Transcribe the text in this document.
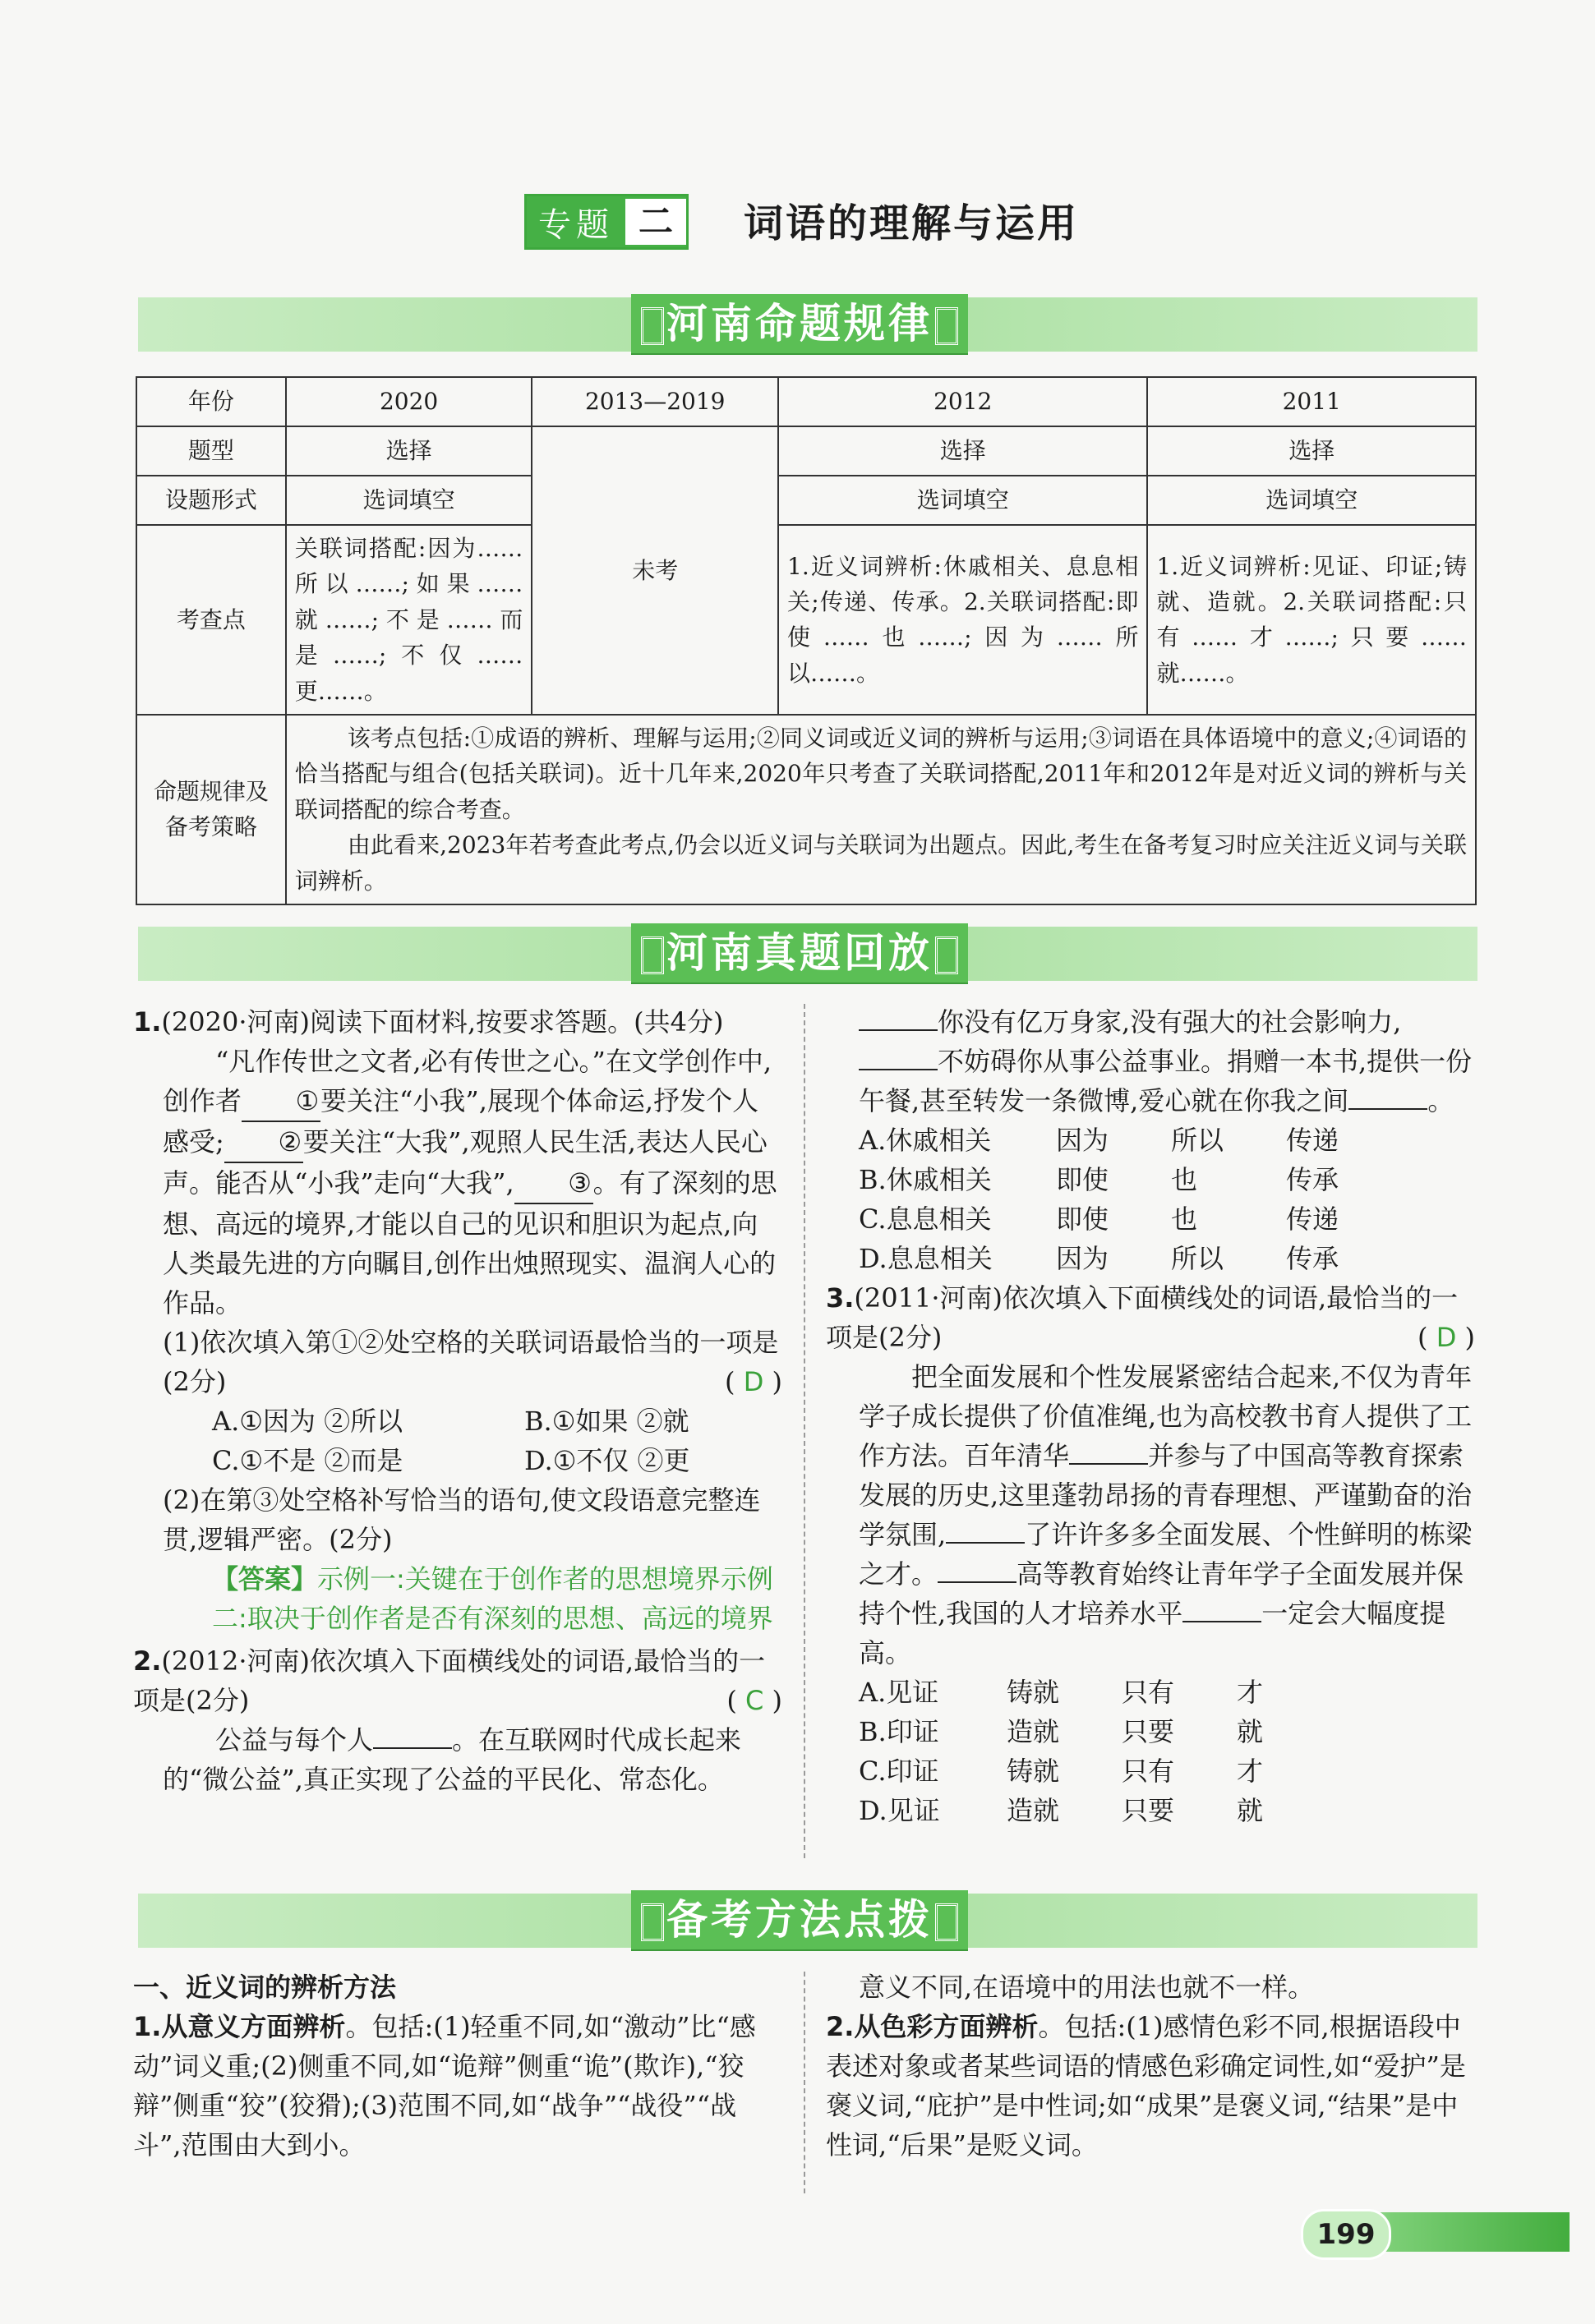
专题 二	词语的理解与运用
河南命题规律
年份	2020	2013—2019	2012	2011
题型	选择	未考	选择	选择
设题形式	选词填空		选词填空	选词填空
考查点	关联词搭配:因为……所以……;如果……就……;不是……而是……;不仅……更……。		1.近义词辨析:休戚相关、息息相关;传递、传承。2.关联词搭配:即使……也……;因为……所以……。	1.近义词辨析:见证、印证;铸就、造就。2.关联词搭配:只有……才……;只要……就……。
命题规律及备考策略	该考点包括:①成语的辨析、理解与运用;②同义词或近义词的辨析与运用;③词语在具体语境中的意义;④词语的恰当搭配与组合(包括关联词)。近十几年来,2020年只考查了关联词搭配,2011年和2012年是对近义词的辨析与关联词搭配的综合考查。
由此看来,2023年若考查此考点,仍会以近义词与关联词为出题点。因此,考生在备考复习时应关注近义词与关联词辨析。			
河南真题回放

1.(2020·河南)阅读下面材料,按要求答题。(共4分)

“凡作传世之文者,必有传世之心。”在文学创作中,创作者 ①要关注“小我”,展现个体命运,抒发个人感受; ②要关注“大我”,观照人民生活,表达人民心声。能否从“小我”走向“大我”, ③。有了深刻的思想、高远的境界,才能以自己的见识和胆识为起点,向人类最先进的方向瞩目,创作出烛照现实、温润人心的作品。

(1)依次填入第①②处空格的关联词语最恰当的一项是(2分)	( D )

A.①因为 ②所以	B.①如果 ②就
C.①不是 ②而是	D.①不仅 ②更

(2)在第③处空格补写恰当的语句,使文段语意完整连贯,逻辑严密。(2分)

【答案】示例一:关键在于创作者的思想境界示例二:取决于创作者是否有深刻的思想、高远的境界

2.(2012·河南)依次填入下面横线处的词语,最恰当的一项是(2分)	( C )

公益与每个人	。在互联网时代成长起来的“微公益”,真正实现了公益的平民化、常态化。

你没有亿万身家,没有强大的社会影响力,不妨碍你从事公益事业。捐赠一本书,提供一份午餐,甚至转发一条微博,爱心就在你我之间	。

A.休戚相关	因为	所以	传递
B.休戚相关	即使	也	传承
C.息息相关	即使	也	传递
D.息息相关	因为	所以	传承

3.(2011·河南)依次填入下面横线处的词语,最恰当的一项是(2分)	( D )

把全面发展和个性发展紧密结合起来,不仅为青年学子成长提供了价值准绳,也为高校教书育人提供了工作方法。百年清华	并参与了中国高等教育探索发展的历史,这里蓬勃昂扬的青春理想、严谨勤奋的治学氛围,	了许许多多全面发展、个性鲜明的栋梁之才。	高等教育始终让青年学子全面发展并保持个性,我国的人才培养水平	一定会大幅度提高。

A.见证	铸就	只有	才
B.印证	造就	只要	就
C.印证	铸就	只有	才
D.见证	造就	只要	就
备考方法点拨

一、近义词的辨析方法

1.从意义方面辨析。包括:(1)轻重不同,如“激动”比“感动”词义重;(2)侧重不同,如“诡辩”侧重“诡”(欺诈),“狡辩”侧重“狡”(狡猾);(3)范围不同,如“战争”“战役”“战斗”,范围由大到小。

意义不同,在语境中的用法也就不一样。

2.从色彩方面辨析。包括:(1)感情色彩不同,根据语段中表述对象或者某些词语的情感色彩确定词性,如“爱护”是褒义词,“庇护”是中性词;如“成果”是褒义词,“结果”是中性词,“后果”是贬义词。

199
